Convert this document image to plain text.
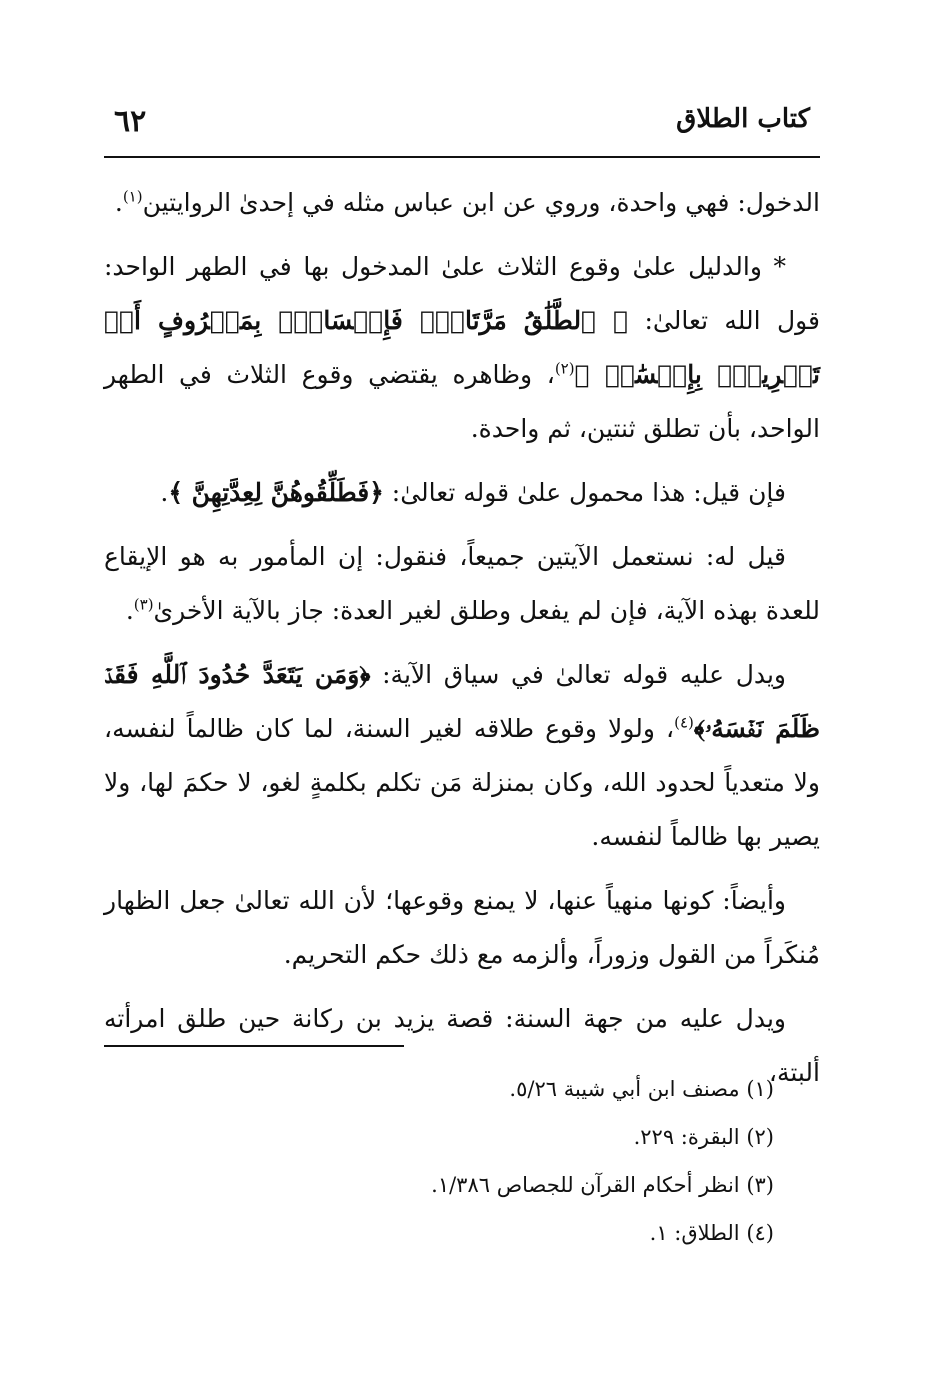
كتاب الطلاق
٦٢

الدخول: فهي واحدة، وروي عن ابن عباس مثله في إحدىٰ الروايتين$^{(١)}$.

* والدليل علىٰ وقوع الثلاث علىٰ المدخول بها في الطهر الواحد: قول الله تعالىٰ: ﴿ ٱلطَّلَٰقُ مَرَّتَانِۖ فَإِمۡسَاكُۢ بِمَعۡرُوفٍ أَوۡ تَسۡرِيحُۢ بِإِحۡسَٰنٖ ﴾$^{(٢)}$، وظاهره يقتضي وقوع الثلاث في الطهر الواحد، بأن تطلق ثنتين، ثم واحدة.

فإن قيل: هذا محمول علىٰ قوله تعالىٰ: ﴿فَطَلِّقُوهُنَّ لِعِدَّتِهِنَّ ﴾.

قيل له: نستعمل الآيتين جميعاً، فنقول: إن المأمور به هو الإيقاع للعدة بهذه الآية، فإن لم يفعل وطلق لغير العدة: جاز بالآية الأخرىٰ$^{(٣)}$.

ويدل عليه قوله تعالىٰ في سياق الآية: ﴿وَمَن يَتَعَدَّ حُدُودَ ٱللَّهِ فَقَدۡ ظَلَمَ نَفۡسَهُۥ﴾$^{(٤)}$، ولولا وقوع طلاقه لغير السنة، لما كان ظالماً لنفسه، ولا متعدياً لحدود الله، وكان بمنزلة مَن تكلم بكلمةٍ لغو، لا حكمَ لها، ولا يصير بها ظالماً لنفسه.

وأيضاً: كونها منهياً عنها، لا يمنع وقوعها؛ لأن الله تعالىٰ جعل الظهار مُنكَراً من القول وزوراً، وألزمه مع ذلك حكم التحريم.

ويدل عليه من جهة السنة: قصة يزيد بن ركانة حين طلق امرأته ألبتة،

(١) مصنف ابن أبي شيبة ٥/٢٦.
(٢) البقرة: ٢٢٩.
(٣) انظر أحكام القرآن للجصاص ١/٣٨٦.
(٤) الطلاق: ١.
